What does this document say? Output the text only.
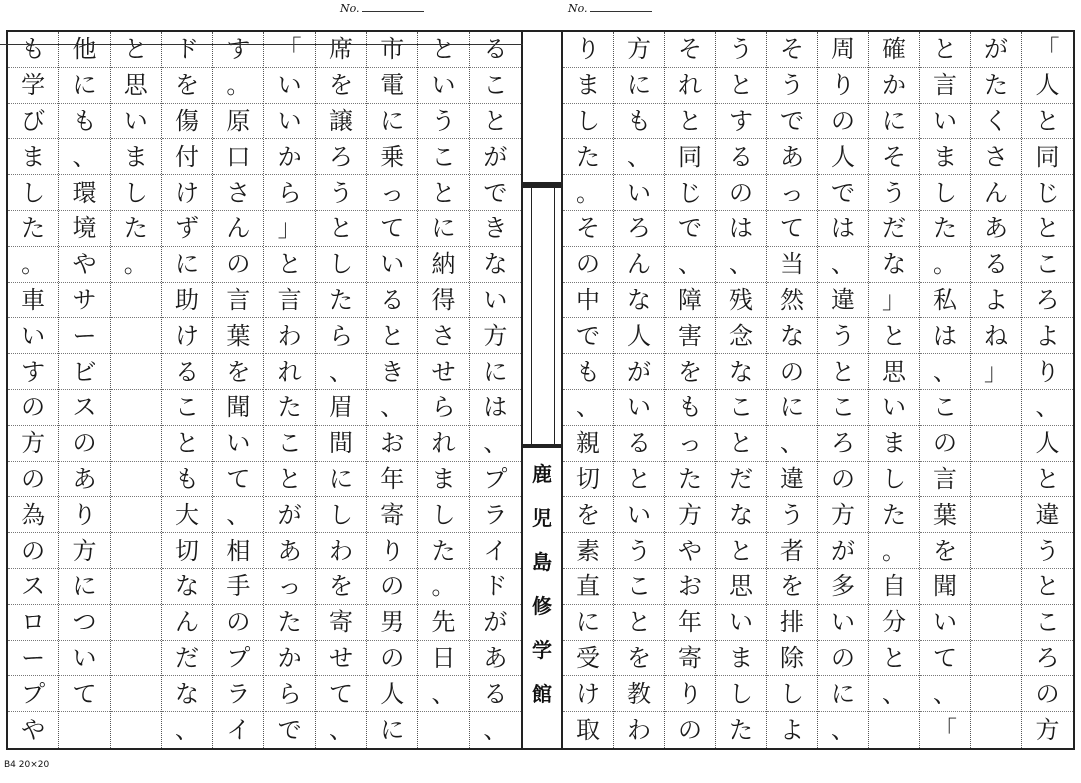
No.	No.
る
こ
と
が
で
き
な
い
方
に
は
、
プ
ラ
イ
ド
が
あ
る
、
と
い
う
こ
と
に
納
得
さ
せ
ら
れ
ま
し
た
。
先
日
、
市
電
に
乗
っ
て
い
る
と
き
、
お
年
寄
り
の
男
の
人
に
席
を
譲
ろ
う
と
し
た
ら
、
眉
間
に
し
わ
を
寄
せ
て
、
「
い
い
か
ら
」
と
言
わ
れ
た
こ
と
が
あ
っ
た
か
ら
で
す
。
原
口
さ
ん
の
言
葉
を
聞
い
て
、
相
手
の
プ
ラ
イ
ド
を
傷
付
け
ず
に
助
け
る
こ
と
も
大
切
な
ん
だ
な
、
と
思
い
ま
し
た
。
他
に
も
、
環
境
や
サ
ー
ビ
ス
の
あ
り
方
に
つ
い
て
も
学
び
ま
し
た
。
車
い
す
の
方
の
為
の
ス
ロ
ー
プ
や
「
人
と
同
じ
と
こ
ろ
よ
り
、
人
と
違
う
と
こ
ろ
の
方
が
た
く
さ
ん
あ
る
よ
ね
」
と
言
い
ま
し
た
。
私
は
、
こ
の
言
葉
を
聞
い
て
、
「
確
か
に
そ
う
だ
な
」
と
思
い
ま
し
た
。
自
分
と
、
周
り
の
人
で
は
、
違
う
と
こ
ろ
の
方
が
多
い
の
に
、
そ
う
で
あ
っ
て
当
然
な
の
に
、
違
う
者
を
排
除
し
よ
う
と
す
る
の
は
、
残
念
な
こ
と
だ
な
と
思
い
ま
し
た
そ
れ
と
同
じ
で
、
障
害
を
も
っ
た
方
や
お
年
寄
り
の
方
に
も
、
い
ろ
ん
な
人
が
い
る
と
い
う
こ
と
を
教
わ
り
ま
し
た
。
そ
の
中
で
も
、
親
切
を
素
直
に
受
け
取
鹿
児
島
修
学
館
B4 20×20
